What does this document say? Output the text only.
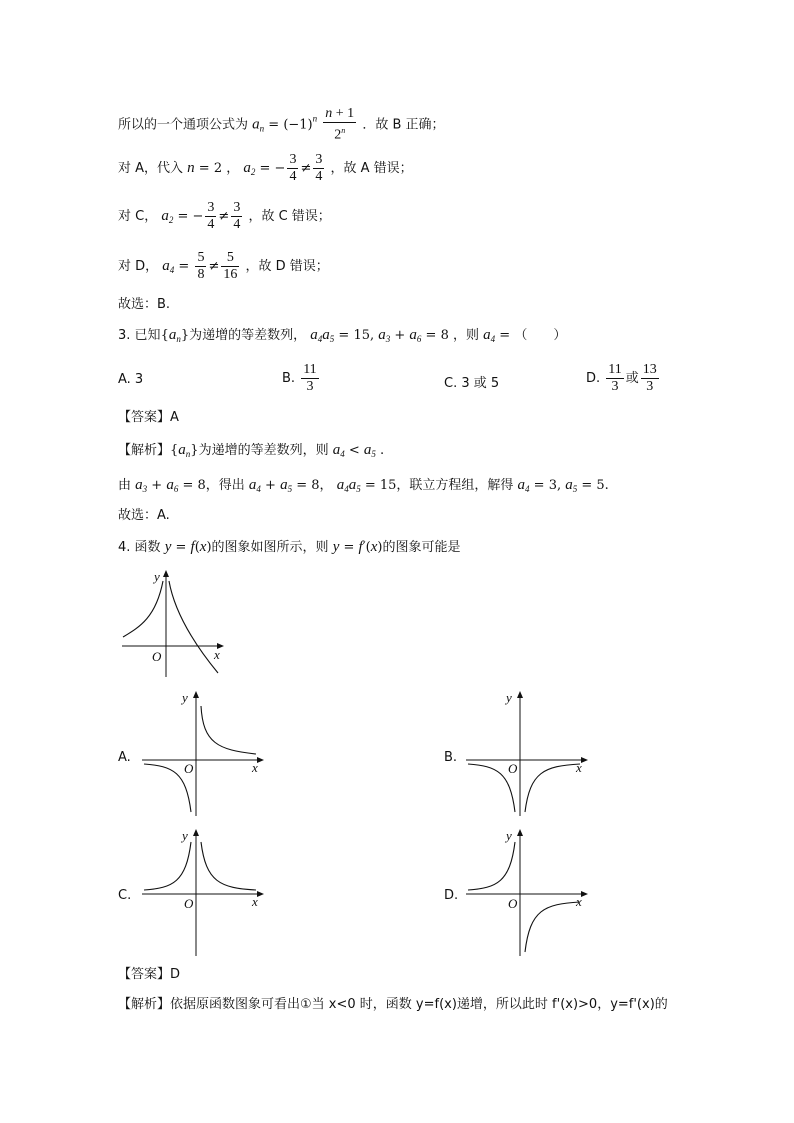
所以的一个通项公式为 $a_n = (-1)^n \frac{n + 1}{2^n}$ ．故 B 正确；
对 A，代入 n = 2 ， $a_2$ = − $\frac{3}{4} \ne \frac{3}{4}$ ，故 A 错误；
对 C， $a_2$ = − $\frac{3}{4} \ne \frac{3}{4}$ ，故 C 错误；
对 D， $a_4 = \frac{5}{8} \ne \frac{5}{16}$ ，故 D 错误；
故选：B.
3. 已知$\{a_n\}$为递增的等差数列， $a_4a_5 = 15$, $a_3 + a_6 = 8$ ，则 $a_4$ = （　　）
A. 3	B. $\frac{11}{3}$	C. 3 或 5	D. $\frac{11}{3}$ 或 $\frac{13}{3}$
【答案】A
【解析】$\{a_n\}$为递增的等差数列，则 $a_4 < a_5$ .
由 $a_3 + a_6 = 8$，得出 $a_4 + a_5 = 8$， $a_4a_5 = 15$，联立方程组，解得 $a_4 = 3$, $a_5 = 5$.
故选：A.
4. 函数 y = f(x)的图象如图所示，则 y = f′(x)的图象可能是
y
O	x
A.
y
O	x
B.
y
O	x
C.
y
O	x	D.
y
O	x
【答案】D
【解析】依据原函数图象可看出①当 x<0 时，函数 y=f(x)递增，所以此时 f'(x)>0，y=f'(x)的
